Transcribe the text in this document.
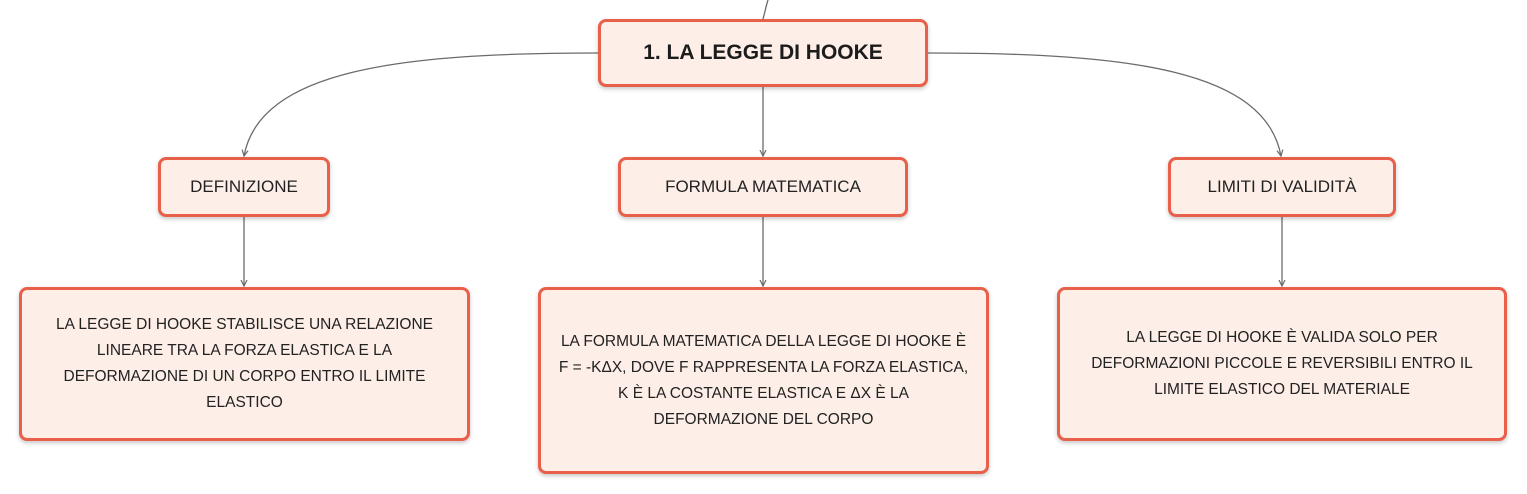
1. LA LEGGE DI HOOKE
DEFINIZIONE	FORMULA MATEMATICA	LIMITI DI VALIDITÀ
LA LEGGE DI HOOKE STABILISCE UNA RELAZIONE LINEARE TRA LA FORZA ELASTICA E LA DEFORMAZIONE DI UN CORPO ENTRO IL LIMITE ELASTICO
LA FORMULA MATEMATICA DELLA LEGGE DI HOOKE È F = -KΔX, DOVE F RAPPRESENTA LA FORZA ELASTICA, K È LA COSTANTE ELASTICA E ΔX È LA DEFORMAZIONE DEL CORPO
LA LEGGE DI HOOKE È VALIDA SOLO PER DEFORMAZIONI PICCOLE E REVERSIBILI ENTRO IL LIMITE ELASTICO DEL MATERIALE
